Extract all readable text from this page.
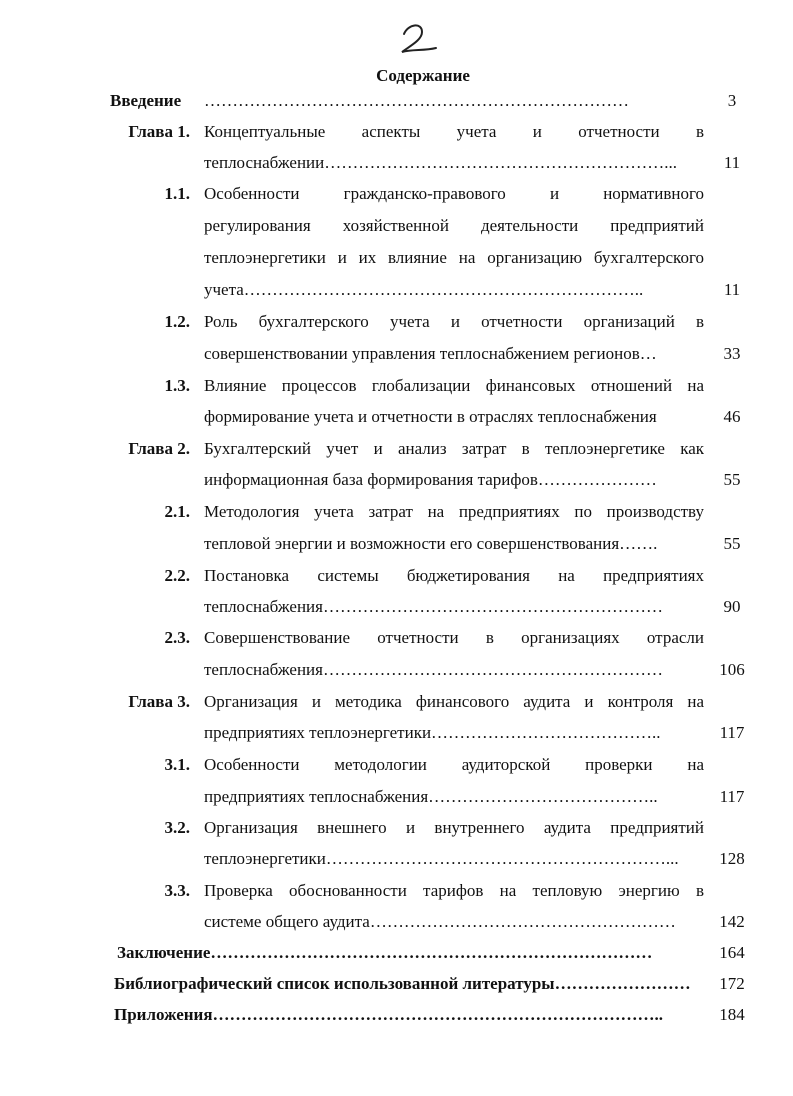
Содержание
Введение …………………………………………………………………	3
Глава 1. Концептуальные аспекты учета и отчетности в
теплоснабжении……………………………………………………...	11
1.1. Особенности гражданско-правового и нормативного
регулирования хозяйственной деятельности предприятий
теплоэнергетики и их влияние на организацию бухгалтерского
учета……………………………………………………………..	11
1.2. Роль бухгалтерского учета и отчетности организаций в
совершенствовании управления теплоснабжением регионов…	33
1.3. Влияние процессов глобализации финансовых отношений на
формирование учета и отчетности в отраслях теплоснабжения	46
Глава 2. Бухгалтерский учет и анализ затрат в теплоэнергетике как
информационная база формирования тарифов…………………	55
2.1. Методология учета затрат на предприятиях по производству
тепловой энергии и возможности его совершенствования…….	55
2.2. Постановка системы бюджетирования на предприятиях
теплоснабжения……………………………………………………	90
2.3. Совершенствование отчетности в организациях отрасли
теплоснабжения……………………………………………………	106
Глава 3. Организация и методика финансового аудита и контроля на
предприятиях теплоэнергетики…………………………………..	117
3.1. Особенности методологии аудиторской проверки на
предприятиях теплоснабжения…………………………………..	117
3.2. Организация внешнего и внутреннего аудита предприятий
теплоэнергетики……………………………………………………...	128
3.3. Проверка обоснованности тарифов на тепловую энергию в
системе общего аудита………………………………………………	142
Заключение……………………………………………………………………	164
Библиографический список использованной литературы……………………	172
Приложения……………………………………………………………………..	184
